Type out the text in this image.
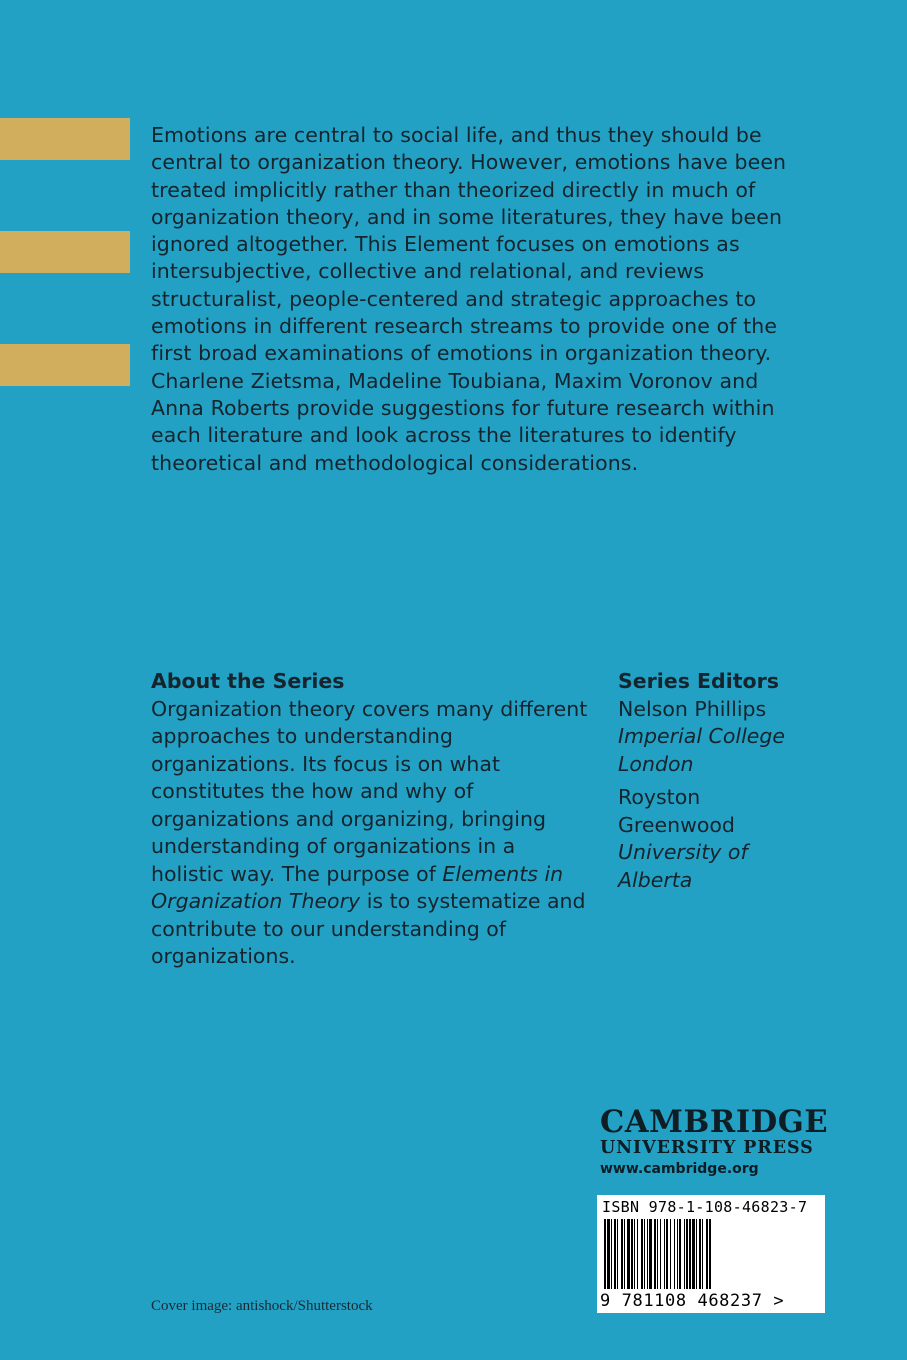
Emotions are central to social life, and thus they should be central to organization theory. However, emotions have been treated implicitly rather than theorized directly in much of organization theory, and in some literatures, they have been ignored altogether. This Element focuses on emotions as intersubjective, collective and relational, and reviews structuralist, people-centered and strategic approaches to emotions in different research streams to provide one of the first broad examinations of emotions in organization theory. Charlene Zietsma, Madeline Toubiana, Maxim Voronov and Anna Roberts provide suggestions for future research within each literature and look across the literatures to identify theoretical and methodological considerations.
About the Series
Organization theory covers many different approaches to understanding organizations. Its focus is on what constitutes the how and why of organizations and organizing, bringing understanding of organizations in a holistic way. The purpose of Elements in Organization Theory is to systematize and contribute to our understanding of organizations.
Series Editors
Nelson Phillips
Imperial College London
Royston Greenwood
University of Alberta
CAMBRIDGE
UNIVERSITY PRESS
www.cambridge.org
ISBN 978-1-108-46823-7
9 781108 468237 >
Cover image: antishock/Shutterstock
